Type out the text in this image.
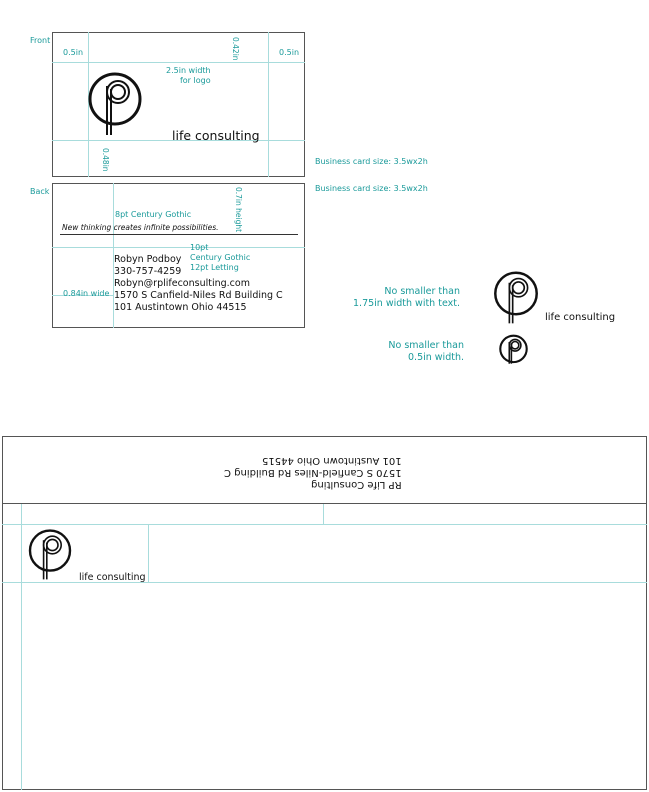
Front
0.5in	0.5in
0.42in
0.48in
2.5in width
for logo
life consulting
Business card size: 3.5wx2h
Back	Business card size: 3.5wx2h
0.7in height
8pt Century Gothic
New thinking creates infinite possibilities.
10pt
Century Gothic
12pt Letting
Robyn Podboy
330-757-4259
Robyn@rplifeconsulting.com
1570 S Canfield-Niles Rd Building C
101 Austintown Ohio 44515
0.84in wide	No smaller than
1.75in width with text.
life consulting
No smaller than
0.5in width.
RP Life Consulting
1570 S Canfield-Niles Rd Building C
101 Austintown Ohio 44515
life consulting
